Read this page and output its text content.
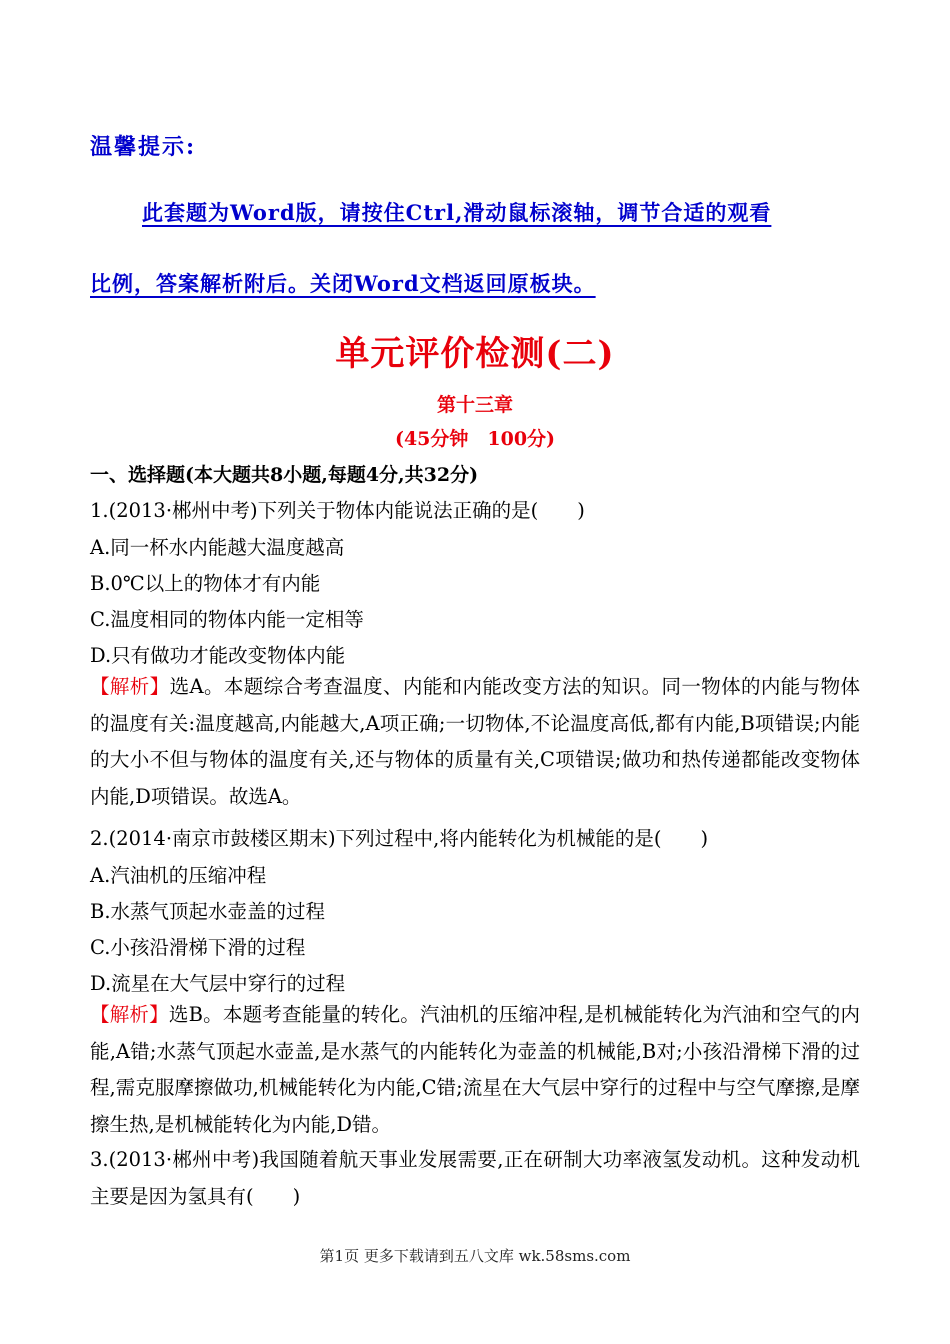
温馨提示:
此套题为Word版，请按住Ctrl,滑动鼠标滚轴，调节合适的观看
比例，答案解析附后。关闭Word文档返回原板块。
单元评价检测(二)
第十三章
(45分钟　100分)
一、选择题(本大题共8小题,每题4分,共32分)
1.(2013·郴州中考)下列关于物体内能说法正确的是(　　)
A.同一杯水内能越大温度越高
B.0℃以上的物体才有内能
C.温度相同的物体内能一定相等
D.只有做功才能改变物体内能
【解析】选A。本题综合考查温度、内能和内能改变方法的知识。同一物体的内能与物体的温度有关:温度越高,内能越大,A项正确;一切物体,不论温度高低,都有内能,B项错误;内能的大小不但与物体的温度有关,还与物体的质量有关,C项错误;做功和热传递都能改变物体内能,D项错误。故选A。
2.(2014·南京市鼓楼区期末)下列过程中,将内能转化为机械能的是(　　)
A.汽油机的压缩冲程
B.水蒸气顶起水壶盖的过程
C.小孩沿滑梯下滑的过程
D.流星在大气层中穿行的过程
【解析】选B。本题考查能量的转化。汽油机的压缩冲程,是机械能转化为汽油和空气的内能,A错;水蒸气顶起水壶盖,是水蒸气的内能转化为壶盖的机械能,B对;小孩沿滑梯下滑的过程,需克服摩擦做功,机械能转化为内能,C错;流星在大气层中穿行的过程中与空气摩擦,是摩擦生热,是机械能转化为内能,D错。
3.(2013·郴州中考)我国随着航天事业发展需要,正在研制大功率液氢发动机。这种发动机主要是因为氢具有(　　)
第1页 更多下载请到五八文库 wk.58sms.com
